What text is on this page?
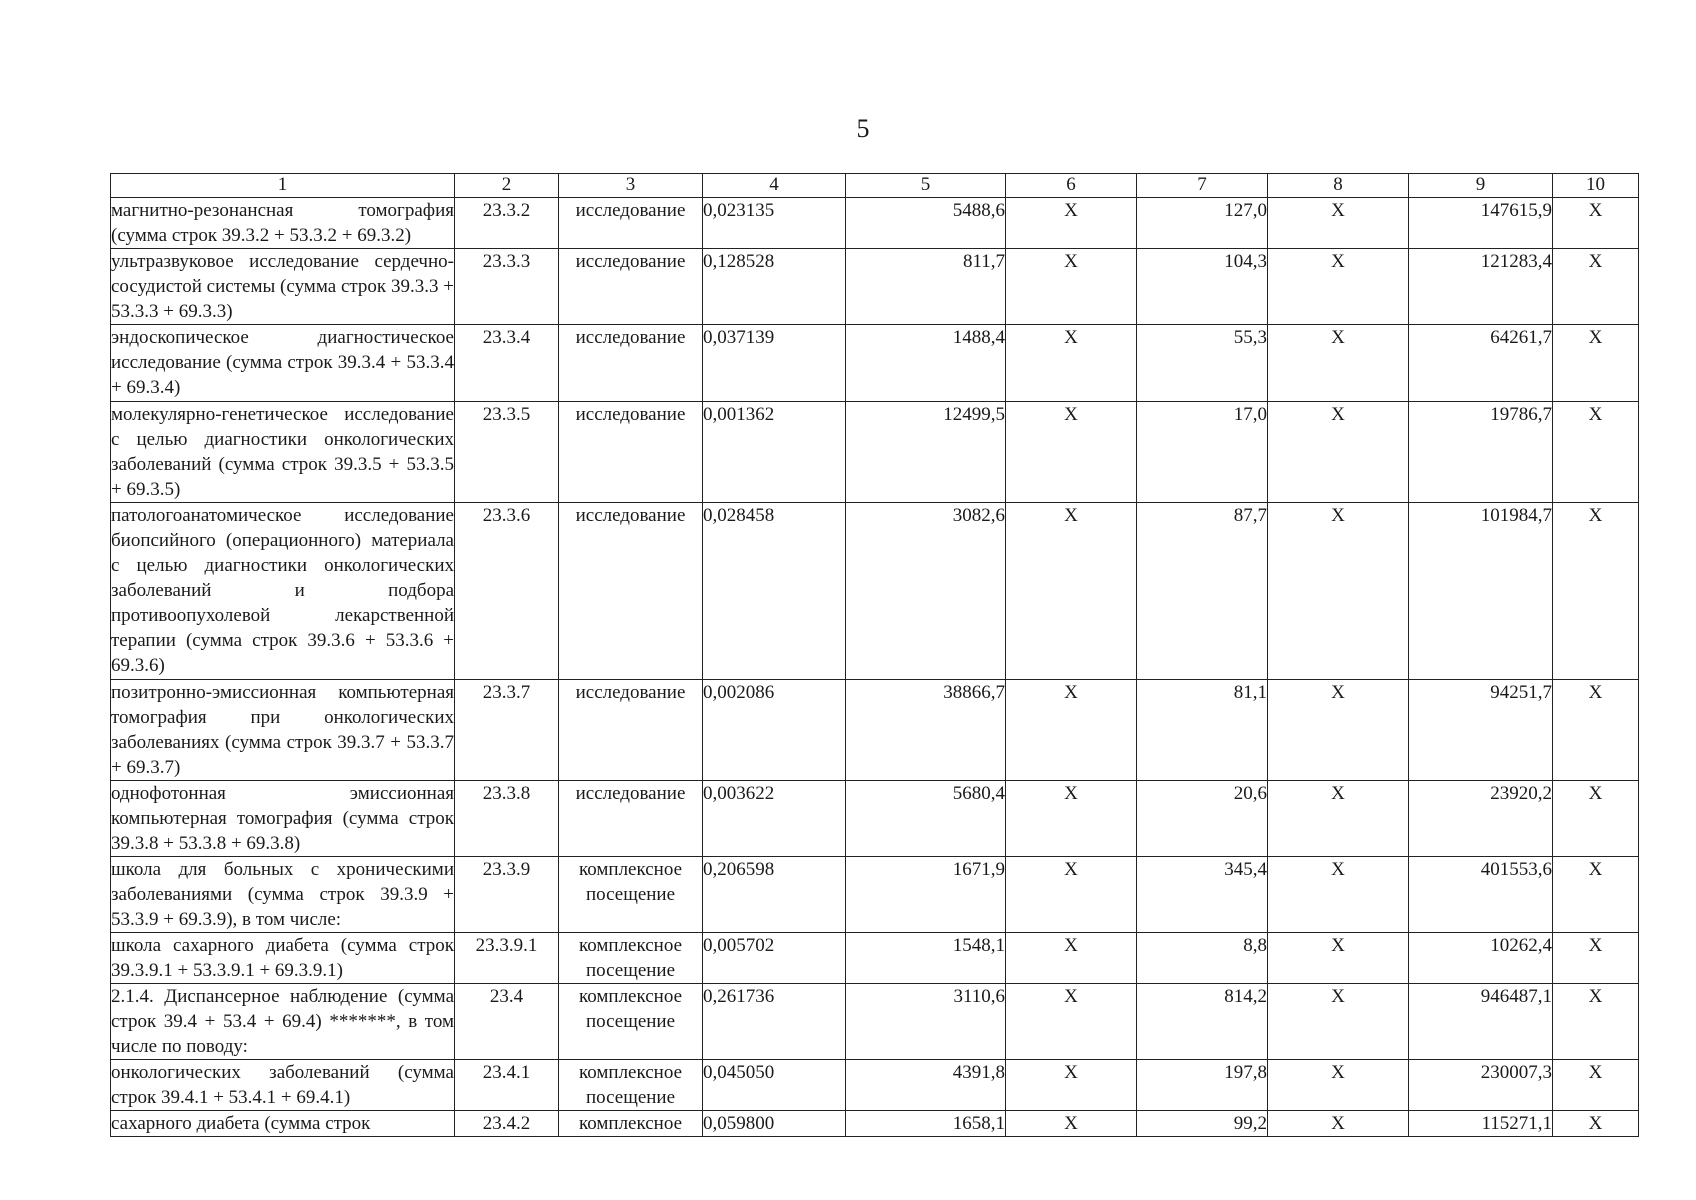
5
1	2	3	4	5	6	7	8	9	10
магнитно-резонансная томография (сумма строк 39.3.2 + 53.3.2 + 69.3.2)	23.3.2	исследование	0,023135	5488,6	X	127,0	X	147615,9	X
ультразвуковое исследование сердечно-сосудистой системы (сумма строк 39.3.3 + 53.3.3 + 69.3.3)	23.3.3	исследование	0,128528	811,7	X	104,3	X	121283,4	X
эндоскопическое диагностическое исследование (сумма строк 39.3.4 + 53.3.4 + 69.3.4)	23.3.4	исследование	0,037139	1488,4	X	55,3	X	64261,7	X
молекулярно-генетическое исследование с целью диагностики онкологических заболеваний (сумма строк 39.3.5 + 53.3.5 + 69.3.5)	23.3.5	исследование	0,001362	12499,5	X	17,0	X	19786,7	X
патологоанатомическое исследование биопсийного (операционного) материала с целью диагностики онкологических заболеваний и подбора противоопухолевой лекарственной терапии (сумма строк 39.3.6 + 53.3.6 + 69.3.6)	23.3.6	исследование	0,028458	3082,6	X	87,7	X	101984,7	X
позитронно-эмиссионная компьютерная томография при онкологических заболеваниях (сумма строк 39.3.7 + 53.3.7 + 69.3.7)	23.3.7	исследование	0,002086	38866,7	X	81,1	X	94251,7	X
однофотонная эмиссионная компьютерная томография (сумма строк 39.3.8 + 53.3.8 + 69.3.8)	23.3.8	исследование	0,003622	5680,4	X	20,6	X	23920,2	X
школа для больных с хроническими заболеваниями (сумма строк 39.3.9 + 53.3.9 + 69.3.9), в том числе:	23.3.9	комплексное посещение	0,206598	1671,9	X	345,4	X	401553,6	X
школа сахарного диабета (сумма строк 39.3.9.1 + 53.3.9.1 + 69.3.9.1)	23.3.9.1	комплексное посещение	0,005702	1548,1	X	8,8	X	10262,4	X
2.1.4. Диспансерное наблюдение (сумма строк 39.4 + 53.4 + 69.4) *******, в том числе по поводу:	23.4	комплексное посещение	0,261736	3110,6	X	814,2	X	946487,1	X
онкологических заболеваний (сумма строк 39.4.1 + 53.4.1 + 69.4.1)	23.4.1	комплексное посещение	0,045050	4391,8	X	197,8	X	230007,3	X
сахарного диабета (сумма строк	23.4.2	комплексное	0,059800	1658,1	X	99,2	X	115271,1	X
